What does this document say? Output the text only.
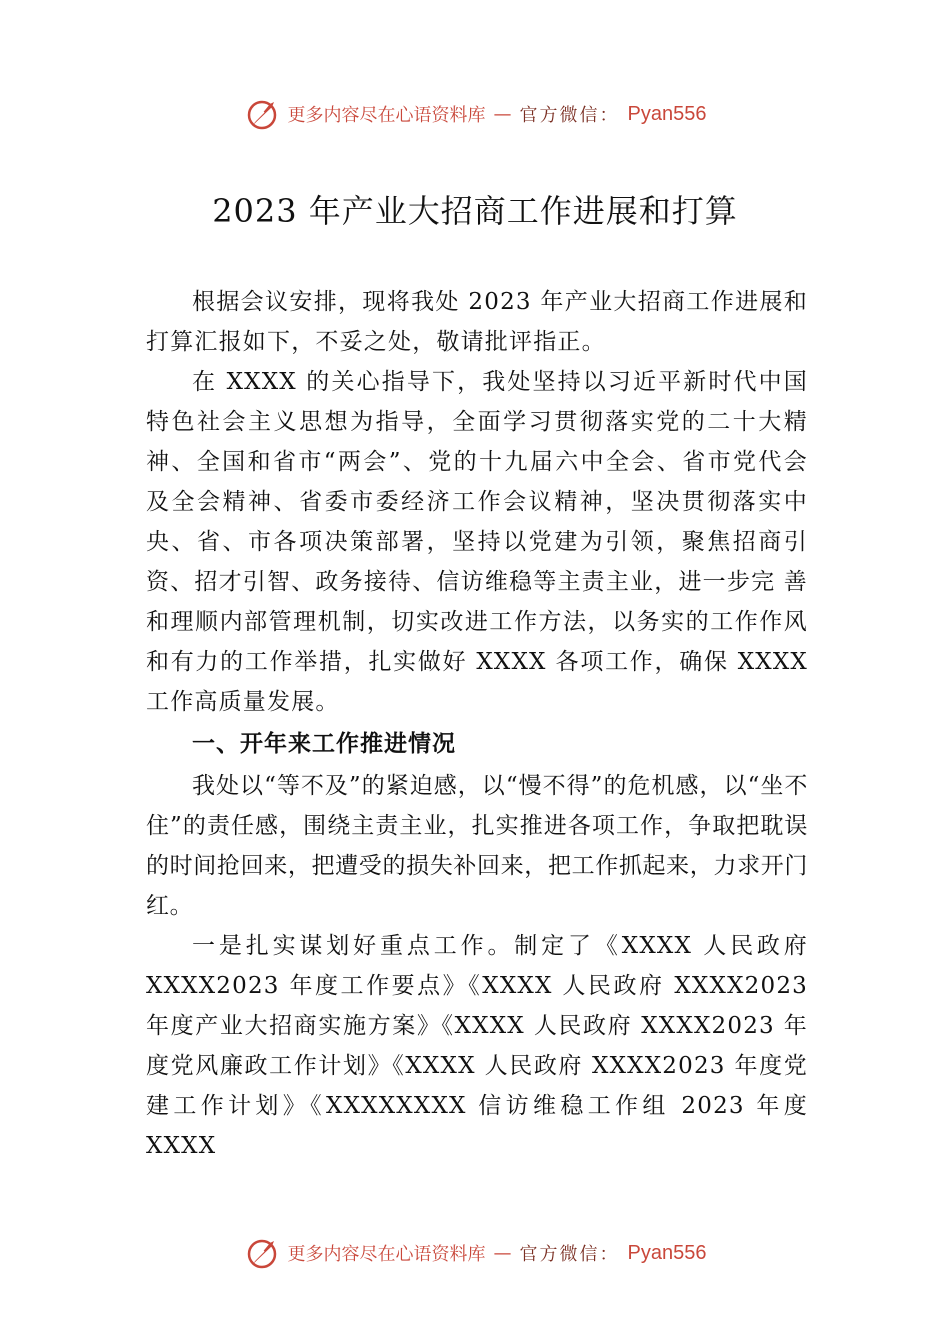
更多内容尽在心语资料库 — 官方微信： Pyan556
2023 年产业大招商工作进展和打算

根据会议安排，现将我处 2023 年产业大招商工作进展和打算汇报如下，不妥之处，敬请批评指正。

在 XXXX 的关心指导下，我处坚持以习近平新时代中国特色社会主义思想为指导，全面学习贯彻落实党的二十大精神、全国和省市“两会”、党的十九届六中全会、省市党代会 及全会精神、省委市委经济工作会议精神，坚决贯彻落实中央、省、市各项决策部署，坚持以党建为引领，聚焦招商引资、招才引智、政务接待、信访维稳等主责主业，进一步完 善和理顺内部管理机制，切实改进工作方法，以务实的工作作风和有力的工作举措，扎实做好 XXXX 各项工作，确保 XXXX 工作高质量发展。

一、开年来工作推进情况

我处以“等不及”的紧迫感，以“慢不得”的危机感，以“坐不住”的责任感，围绕主责主业，扎实推进各项工作，争取把耽误的时间抢回来，把遭受的损失补回来，把工作抓起来，力求开门红。

一是扎实谋划好重点工作。制定了《XXXX 人民政府 XXXX2023 年度工作要点》《XXXX 人民政府 XXXX2023 年度产业大招商实施方案》《XXXX 人民政府 XXXX2023 年度党风廉政工作计划》《XXXX 人民政府 XXXX2023 年度党建工作计划》《XXXXXXXX 信访维稳工作组 2023 年度 XXXX

更多内容尽在心语资料库 — 官方微信： Pyan556
